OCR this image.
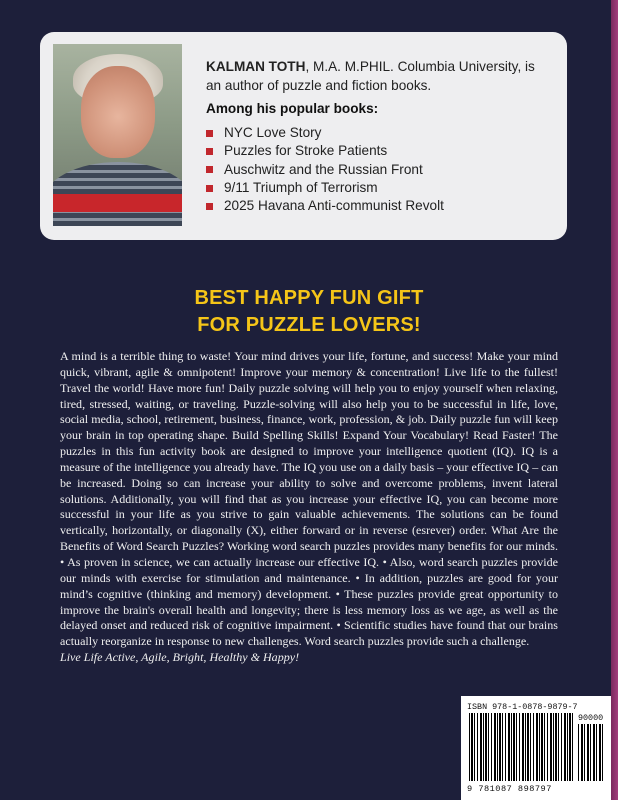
KALMAN TOTH, M.A. M.PHIL. Columbia University, is an author of puzzle and fiction books.

Among his popular books:
NYC Love Story
Puzzles for Stroke Patients
Auschwitz and the Russian Front
9/11 Triumph of Terrorism
2025 Havana Anti-communist Revolt
BEST HAPPY FUN GIFT
FOR PUZZLE LOVERS!
A mind is a terrible thing to waste! Your mind drives your life, fortune, and success! Make your mind quick, vibrant, agile & omnipotent! Improve your memory & concentration! Live life to the fullest! Travel the world! Have more fun! Daily puzzle solving will help you to enjoy yourself when relaxing, tired, stressed, waiting, or traveling. Puzzle-solving will also help you to be successful in life, love, social media, school, retirement, business, finance, work, profession, & job. Daily puzzle fun will keep your brain in top operating shape. Build Spelling Skills! Expand Your Vocabulary! Read Faster! The puzzles in this fun activity book are designed to improve your intelligence quotient (IQ). IQ is a measure of the intelligence you already have. The IQ you use on a daily basis – your effective IQ – can be increased. Doing so can increase your ability to solve and overcome problems, invent lateral solutions. Additionally, you will find that as you increase your effective IQ, you can become more successful in your life as you strive to gain valuable achievements. The solutions can be found vertically, horizontally, or diagonally (X), either forward or in reverse (esrever) order. What Are the Benefits of Word Search Puzzles? Working word search puzzles provides many benefits for our minds. • As proven in science, we can actually increase our effective IQ. • Also, word search puzzles provide our minds with exercise for stimulation and maintenance. • In addition, puzzles are good for your mind’s cognitive (thinking and memory) development. • These puzzles provide great opportunity to improve the brain's overall health and longevity; there is less memory loss as we age, as well as the delayed onset and reduced risk of cognitive impairment. • Scientific studies have found that our brains actually reorganize in response to new challenges. Word search puzzles provide such a challenge.
Live Life Active, Agile, Bright, Healthy & Happy!
ISBN 978-1-0878-9879-7
90000
9 781087 898797
